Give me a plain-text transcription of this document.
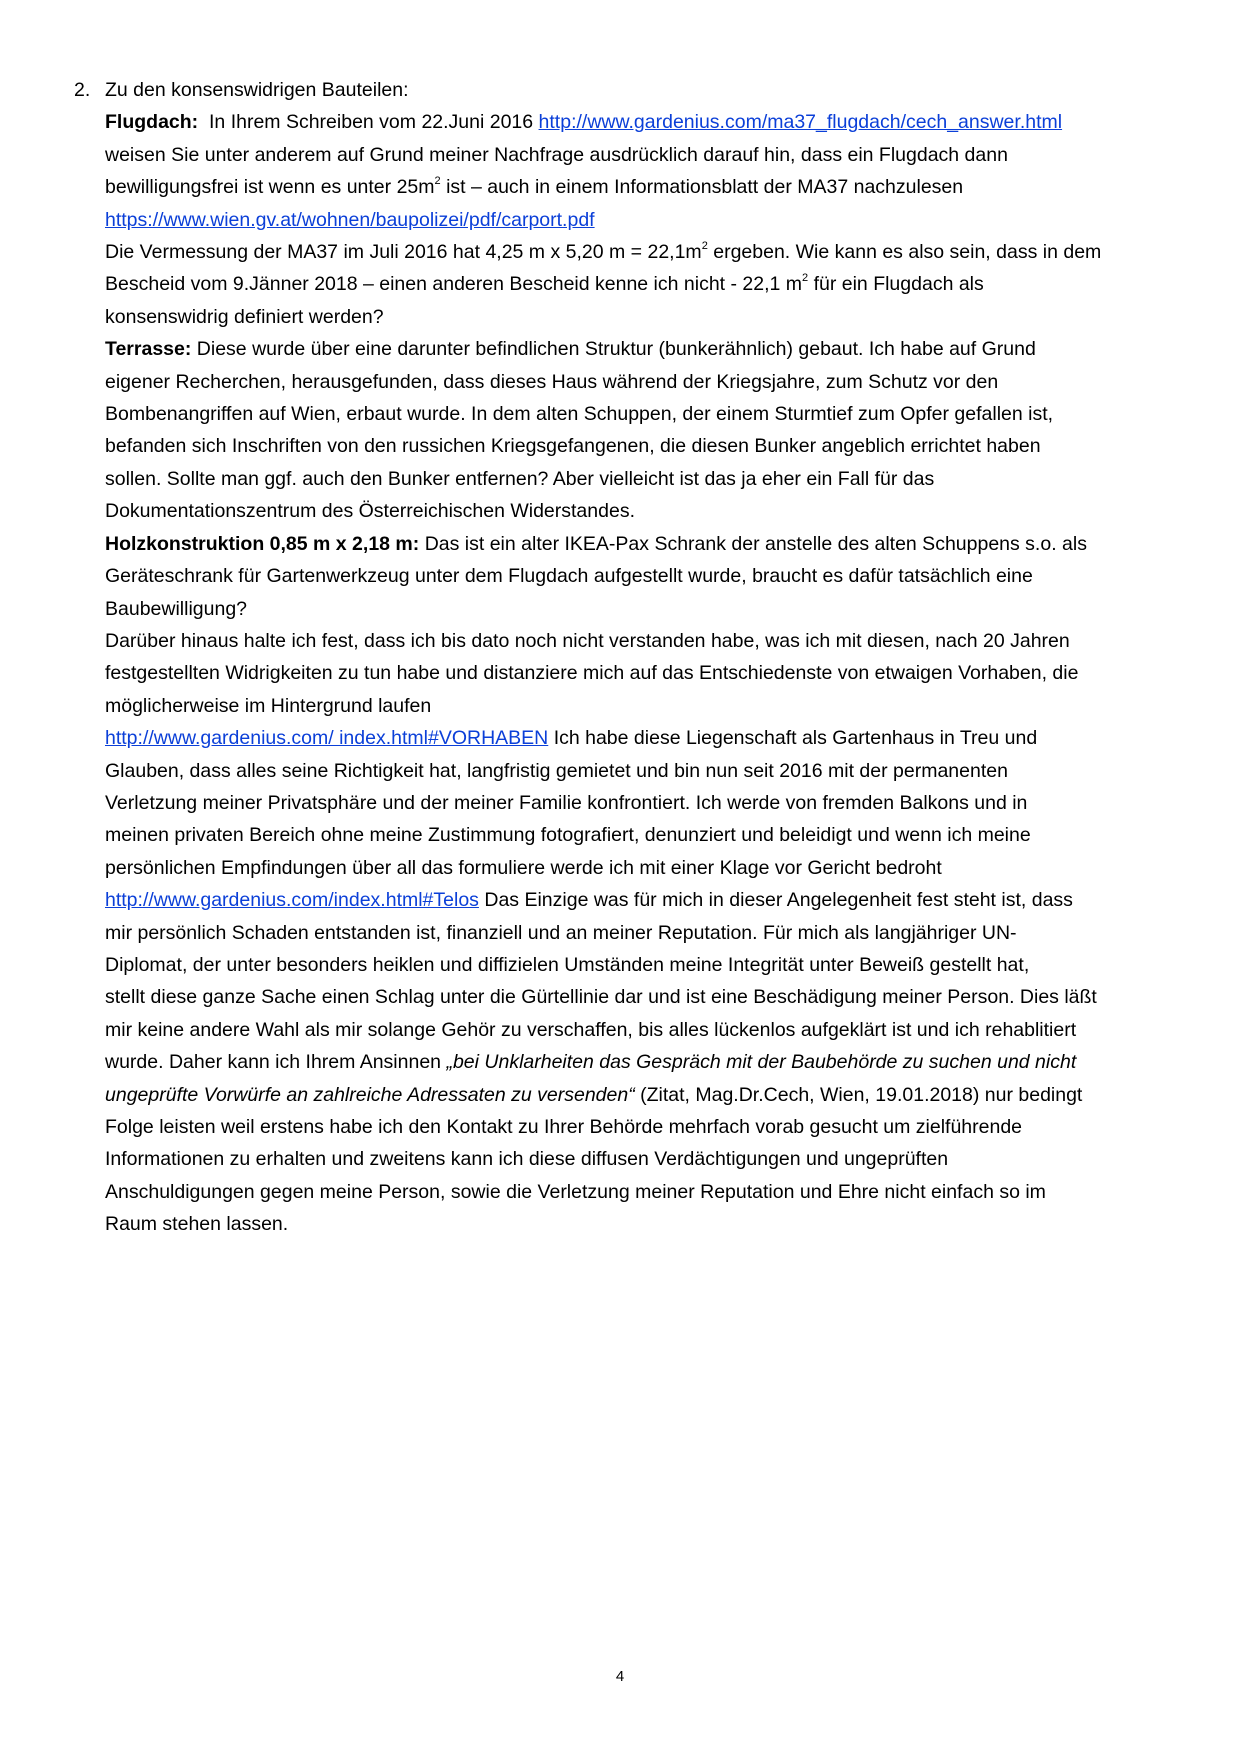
2. Zu den konsenswidrigen Bauteilen:

Flugdach: In Ihrem Schreiben vom 22.Juni 2016 http://www.gardenius.com/ma37_flugdach/cech_answer.html
weisen Sie unter anderem auf Grund meiner Nachfrage ausdrücklich darauf hin, dass ein Flugdach dann
bewilligungsfrei ist wenn es unter $25m^2$ ist – auch in einem Informationsblatt der MA37 nachzulesen
https://www.wien.gv.at/wohnen/baupolizei/pdf/carport.pdf
Die Vermessung der MA37 im Juli 2016 hat 4,25 m x 5,20 $m = 22,1m^2$ ergeben. Wie kann es also sein, dass in dem
Bescheid vom 9.Jänner 2018 – einen anderen Bescheid kenne ich nicht - 22,1 $m^2$ für ein Flugdach als
konsenswidrig definiert werden?

Terrasse: Diese wurde über eine darunter befindlichen Struktur (bunkerähnlich) gebaut. Ich habe auf Grund
eigener Recherchen, herausgefunden, dass dieses Haus während der Kriegsjahre, zum Schutz vor den
Bombenangriffen auf Wien, erbaut wurde. In dem alten Schuppen, der einem Sturmtief zum Opfer gefallen ist,
befanden sich Inschriften von den russichen Kriegsgefangenen, die diesen Bunker angeblich errichtet haben
sollen. Sollte man ggf. auch den Bunker entfernen? Aber vielleicht ist das ja eher ein Fall für das
Dokumentationszentrum des Österreichischen Widerstandes.

Holzkonstruktion 0,85 m x 2,18 m: Das ist ein alter IKEA-Pax Schrank der anstelle des alten Schuppens s.o. als
Geräteschrank für Gartenwerkzeug unter dem Flugdach aufgestellt wurde, braucht es dafür tatsächlich eine
Baubewilligung?

Darüber hinaus halte ich fest, dass ich bis dato noch nicht verstanden habe, was ich mit diesen, nach 20 Jahren
festgestellten Widrigkeiten zu tun habe und distanziere mich auf das Entschiedenste von etwaigen Vorhaben, die
möglicherweise im Hintergrund laufen
http://www.gardenius.com/ index.html#VORHABEN Ich habe diese Liegenschaft als Gartenhaus in Treu und
Glauben, dass alles seine Richtigkeit hat, langfristig gemietet und bin nun seit 2016 mit der permanenten
Verletzung meiner Privatsphäre und der meiner Familie konfrontiert. Ich werde von fremden Balkons und in
meinen privaten Bereich ohne meine Zustimmung fotografiert, denunziert und beleidigt und wenn ich meine
persönlichen Empfindungen über all das formuliere werde ich mit einer Klage vor Gericht bedroht
http://www.gardenius.com/index.html#Telos Das Einzige was für mich in dieser Angelegenheit fest steht ist, dass
mir persönlich Schaden entstanden ist, finanziell und an meiner Reputation. Für mich als langjähriger UN-
Diplomat, der unter besonders heiklen und diffizielen Umständen meine Integrität unter Beweiß gestellt hat,
stellt diese ganze Sache einen Schlag unter die Gürtellinie dar und ist eine Beschädigung meiner Person. Dies läßt
mir keine andere Wahl als mir solange Gehör zu verschaffen, bis alles lückenlos aufgeklärt ist und ich rehablitiert
wurde. Daher kann ich Ihrem Ansinnen „bei Unklarheiten das Gespräch mit der Baubehörde zu suchen und nicht
ungeprüfte Vorwürfe an zahlreiche Adressaten zu versenden“ (Zitat, Mag.Dr.Cech, Wien, 19.01.2018) nur bedingt
Folge leisten weil erstens habe ich den Kontakt zu Ihrer Behörde mehrfach vorab gesucht um zielführende
Informationen zu erhalten und zweitens kann ich diese diffusen Verdächtigungen und ungeprüften
Anschuldigungen gegen meine Person, sowie die Verletzung meiner Reputation und Ehre nicht einfach so im
Raum stehen lassen.

4
